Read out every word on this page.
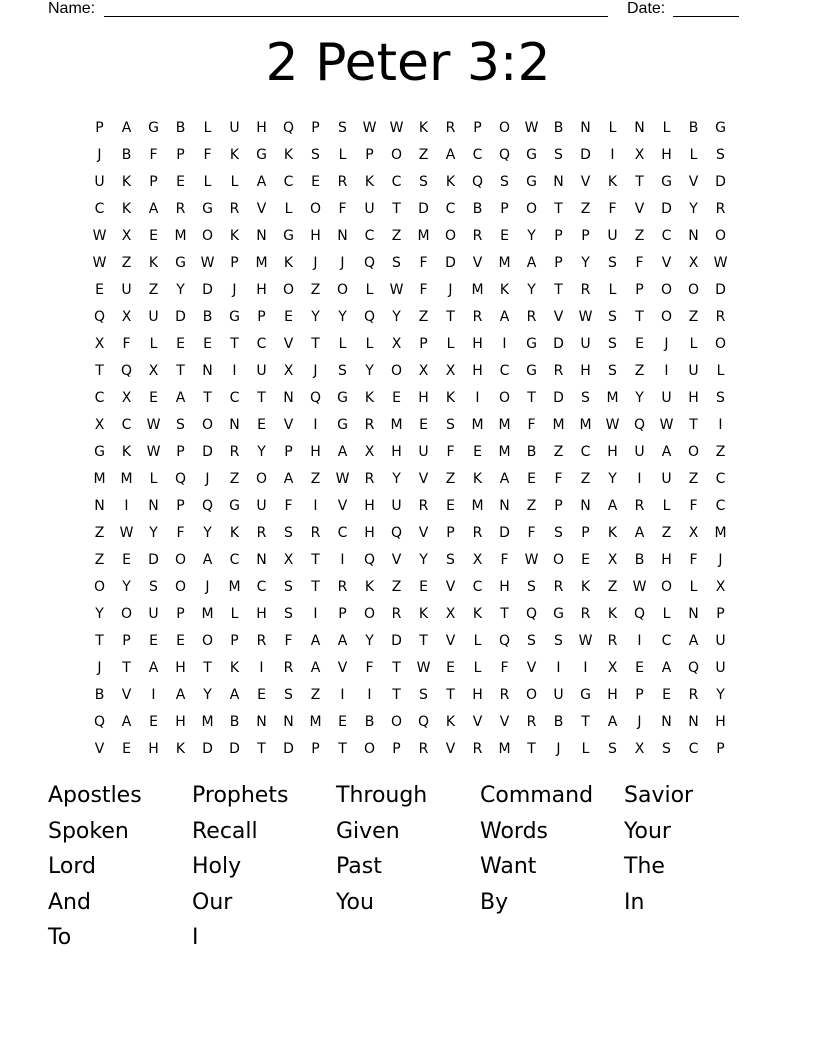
Name:	Date:
2 Peter 3:2
P	A	G	B	L	U	H	Q	P	S	W W	K	R	P	O	W	B	N	L	N	L	B	G
J	B	F	P	F	K	G	K	S	L	P	O	Z	A	C	Q	G	S	D	I	X	H	L	S
U	K	P	E	L	L	A	C	E	R	K	C	S	K	Q	S	G	N	V	K	T	G	V	D
C	K	A	R	G	R	V	L	O	F	U	T	D	C	B	P	O	T	Z	F	V	D	Y	R
W	X	E	M	O	K	N	G	H	N	C	Z	M	O	R	E	Y	P	P	U	Z	C	N	O
W	Z	K	G	W	P	M	K	J	J	Q	S	F	D	V	M	A	P	Y	S	F	V	X	W
E	U	Z	Y	D	J	H	O	Z	O	L	W	F	J	M	K	Y	T	R	L	P	O	O	D
Q	X	U	D	B	G	P	E	Y	Y	Q	Y	Z	T	R	A	R	V	W	S	T	O	Z	R
X	F	L	E	E	T	C	V	T	L	L	X	P	L	H	I	G	D	U	S	E	J	L	O
T	Q	X	T	N	I	U	X	J	S	Y	O	X	X	H	C	G	R	H	S	Z	I	U	L
C	X	E	A	T	C	T	N	Q	G	K	E	H	K	I	O	T	D	S	M	Y	U	H	S
X	C	W	S	O	N	E	V	I	G	R	M	E	S	M	M	F	M	M	W	Q	W	T	I
G	K	W	P	D	R	Y	P	H	A	X	H	U	F	E	M	B	Z	C	H	U	A	O	Z
M	M	L	Q	J	Z	O	A	Z	W	R	Y	V	Z	K	A	E	F	Z	Y	I	U	Z	C
N	I	N	P	Q	G	U	F	I	V	H	U	R	E	M	N	Z	P	N	A	R	L	F	C
Z	W	Y	F	Y	K	R	S	R	C	H	Q	V	P	R	D	F	S	P	K	A	Z	X	M
Z	E	D	O	A	C	N	X	T	I	Q	V	Y	S	X	F	W	O	E	X	B	H	F	J
O	Y	S	O	J	M	C	S	T	R	K	Z	E	V	C	H	S	R	K	Z	W	O	L	X
Y	O	U	P	M	L	H	S	I	P	O	R	K	X	K	T	Q	G	R	K	Q	L	N	P
T	P	E	E	O	P	R	F	A	A	Y	D	T	V	L	Q	S	S	W	R	I	C	A	U
J	T	A	H	T	K	I	R	A	V	F	T	W	E	L	F	V	I	I	X	E	A	Q	U
B	V	I	A	Y	A	E	S	Z	I	I	T	S	T	H	R	O	U	G	H	P	E	R	Y
Q	A	E	H	M	B	N	N	M	E	B	O	Q	K	V	V	R	B	T	A	J	N	N	H
V	E	H	K	D	D	T	D	P	T	O	P	R	V	R	M	T	J	L	S	X	S	C	P
Apostles	Prophets	Through	Command	Savior
Spoken	Recall	Given	Words	Your
Lord	Holy	Past	Want	The
And	Our	You	By	In
To	I
